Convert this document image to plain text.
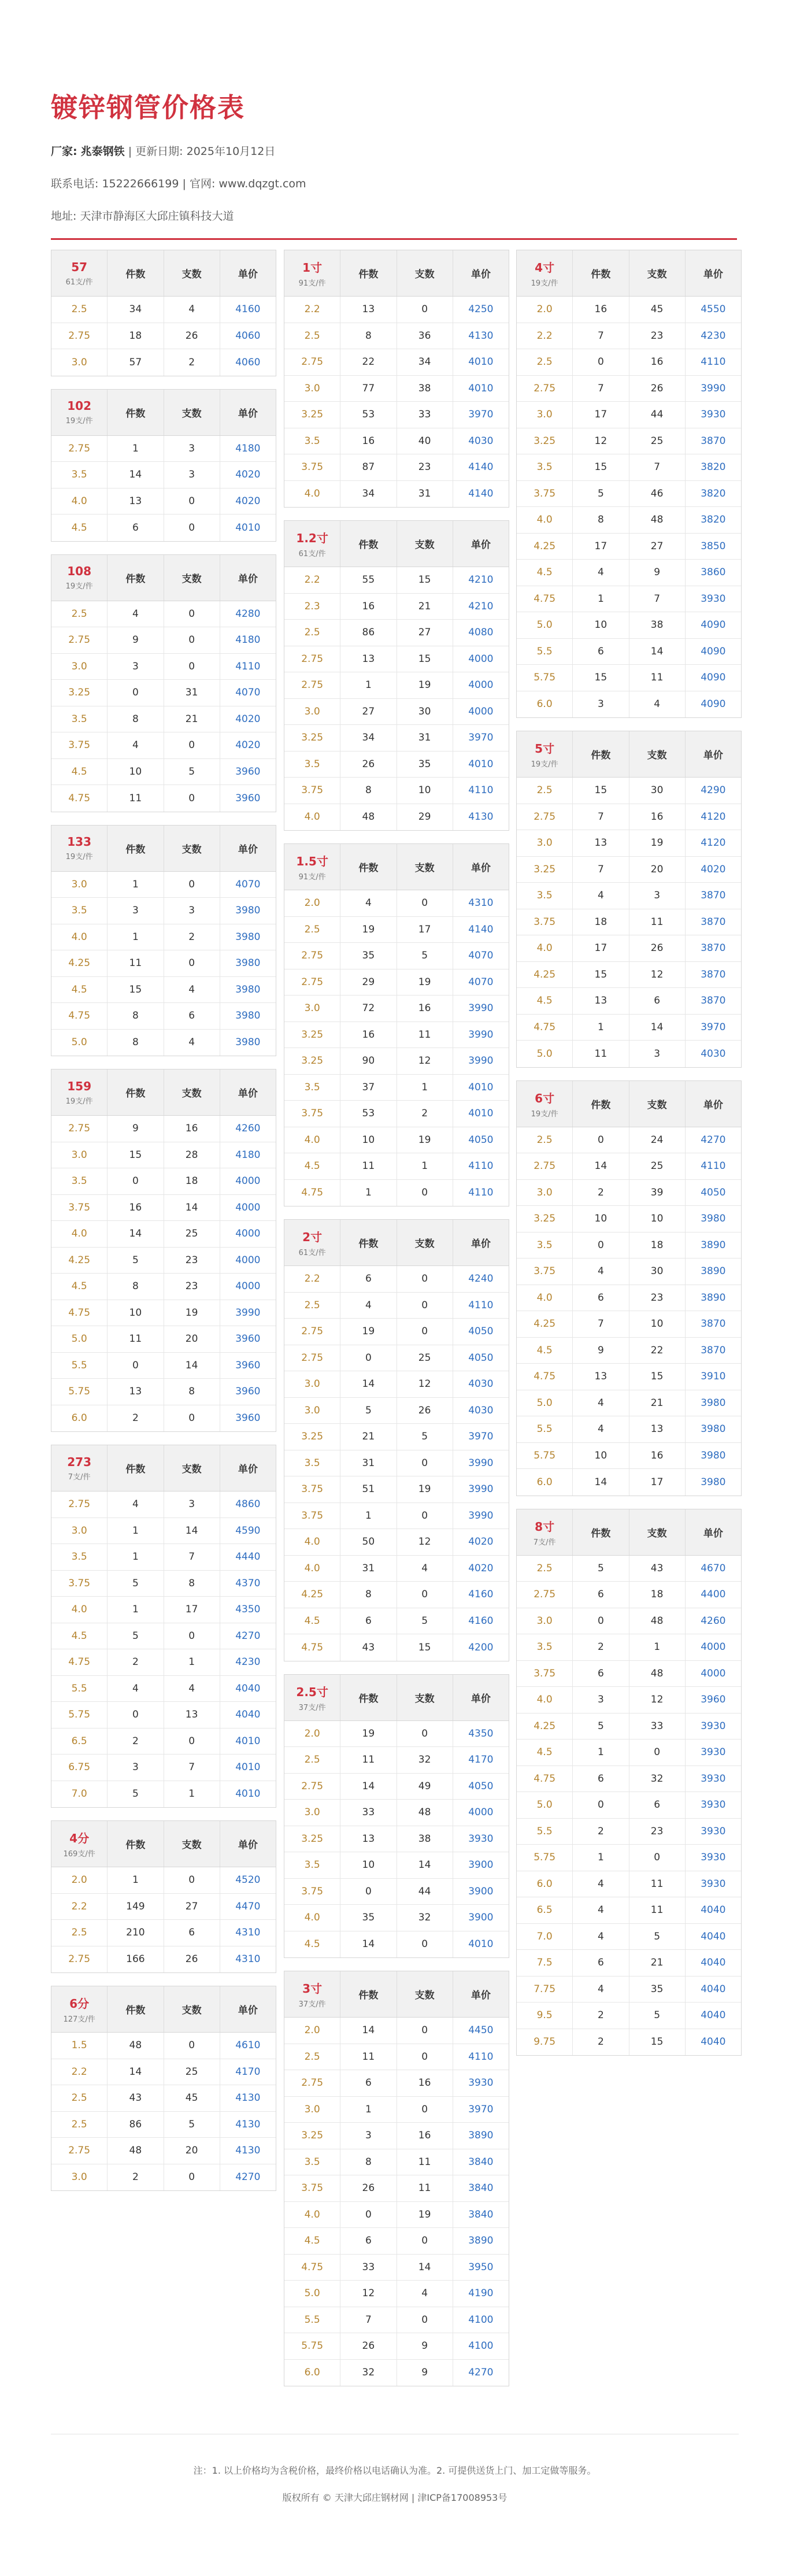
镀锌钢管价格表
厂家: 兆泰钢铁 | 更新日期: 2025年10月12日
联系电话: 15222666199 | 官网: www.dqzgt.com
地址: 天津市静海区大邱庄镇科技大道
57
61支/件
件数	支数	单价
2.5	34	4	4160
2.75	18	26	4060
3.0	57	2	4060
102
19支/件
件数	支数	单价
2.75	1	3	4180
3.5	14	3	4020
4.0	13	0	4020
4.5	6	0	4010
108
19支/件
件数	支数	单价
2.5	4	0	4280
2.75	9	0	4180
3.0	3	0	4110
3.25	0	31	4070
3.5	8	21	4020
3.75	4	0	4020
4.5	10	5	3960
4.75	11	0	3960
133
19支/件
件数	支数	单价
3.0	1	0	4070
3.5	3	3	3980
4.0	1	2	3980
4.25	11	0	3980
4.5	15	4	3980
4.75	8	6	3980
5.0	8	4	3980
159
19支/件
件数	支数	单价
2.75	9	16	4260
3.0	15	28	4180
3.5	0	18	4000
3.75	16	14	4000
4.0	14	25	4000
4.25	5	23	4000
4.5	8	23	4000
4.75	10	19	3990
5.0	11	20	3960
5.5	0	14	3960
5.75	13	8	3960
6.0	2	0	3960
273
7支/件
件数	支数	单价
2.75	4	3	4860
3.0	1	14	4590
3.5	1	7	4440
3.75	5	8	4370
4.0	1	17	4350
4.5	5	0	4270
4.75	2	1	4230
5.5	4	4	4040
5.75	0	13	4040
6.5	2	0	4010
6.75	3	7	4010
7.0	5	1	4010
4分
169支/件
件数	支数	单价
2.0	1	0	4520
2.2	149	27	4470
2.5	210	6	4310
2.75	166	26	4310
6分
127支/件
件数	支数	单价
1.5	48	0	4610
2.2	14	25	4170
2.5	43	45	4130
2.5	86	5	4130
2.75	48	20	4130
3.0	2	0	4270
1寸
91支/件
件数	支数	单价
2.2	13	0	4250
2.5	8	36	4130
2.75	22	34	4010
3.0	77	38	4010
3.25	53	33	3970
3.5	16	40	4030
3.75	87	23	4140
4.0	34	31	4140
1.2寸
61支/件
件数	支数	单价
2.2	55	15	4210
2.3	16	21	4210
2.5	86	27	4080
2.75	13	15	4000
2.75	1	19	4000
3.0	27	30	4000
3.25	34	31	3970
3.5	26	35	4010
3.75	8	10	4110
4.0	48	29	4130
1.5寸
91支/件
件数	支数	单价
2.0	4	0	4310
2.5	19	17	4140
2.75	35	5	4070
2.75	29	19	4070
3.0	72	16	3990
3.25	16	11	3990
3.25	90	12	3990
3.5	37	1	4010
3.75	53	2	4010
4.0	10	19	4050
4.5	11	1	4110
4.75	1	0	4110
2寸
61支/件
件数	支数	单价
2.2	6	0	4240
2.5	4	0	4110
2.75	19	0	4050
2.75	0	25	4050
3.0	14	12	4030
3.0	5	26	4030
3.25	21	5	3970
3.5	31	0	3990
3.75	51	19	3990
3.75	1	0	3990
4.0	50	12	4020
4.0	31	4	4020
4.25	8	0	4160
4.5	6	5	4160
4.75	43	15	4200
2.5寸
37支/件
件数	支数	单价
2.0	19	0	4350
2.5	11	32	4170
2.75	14	49	4050
3.0	33	48	4000
3.25	13	38	3930
3.5	10	14	3900
3.75	0	44	3900
4.0	35	32	3900
4.5	14	0	4010
3寸
37支/件
件数	支数	单价
2.0	14	0	4450
2.5	11	0	4110
2.75	6	16	3930
3.0	1	0	3970
3.25	3	16	3890
3.5	8	11	3840
3.75	26	11	3840
4.0	0	19	3840
4.5	6	0	3890
4.75	33	14	3950
5.0	12	4	4190
5.5	7	0	4100
5.75	26	9	4100
6.0	32	9	4270
4寸
19支/件
件数	支数	单价
2.0	16	45	4550
2.2	7	23	4230
2.5	0	16	4110
2.75	7	26	3990
3.0	17	44	3930
3.25	12	25	3870
3.5	15	7	3820
3.75	5	46	3820
4.0	8	48	3820
4.25	17	27	3850
4.5	4	9	3860
4.75	1	7	3930
5.0	10	38	4090
5.5	6	14	4090
5.75	15	11	4090
6.0	3	4	4090
5寸
19支/件
件数	支数	单价
2.5	15	30	4290
2.75	7	16	4120
3.0	13	19	4120
3.25	7	20	4020
3.5	4	3	3870
3.75	18	11	3870
4.0	17	26	3870
4.25	15	12	3870
4.5	13	6	3870
4.75	1	14	3970
5.0	11	3	4030
6寸
19支/件
件数	支数	单价
2.5	0	24	4270
2.75	14	25	4110
3.0	2	39	4050
3.25	10	10	3980
3.5	0	18	3890
3.75	4	30	3890
4.0	6	23	3890
4.25	7	10	3870
4.5	9	22	3870
4.75	13	15	3910
5.0	4	21	3980
5.5	4	13	3980
5.75	10	16	3980
6.0	14	17	3980
8寸
7支/件
件数	支数	单价
2.5	5	43	4670
2.75	6	18	4400
3.0	0	48	4260
3.5	2	1	4000
3.75	6	48	4000
4.0	3	12	3960
4.25	5	33	3930
4.5	1	0	3930
4.75	6	32	3930
5.0	0	6	3930
5.5	2	23	3930
5.75	1	0	3930
6.0	4	11	3930
6.5	4	11	4040
7.0	4	5	4040
7.5	6	21	4040
7.75	4	35	4040
9.5	2	5	4040
9.75	2	15	4040
注：1. 以上价格均为含税价格，最终价格以电话确认为准。2. 可提供送货上门、加工定做等服务。
版权所有 © 天津大邱庄钢材网 | 津ICP备17008953号
